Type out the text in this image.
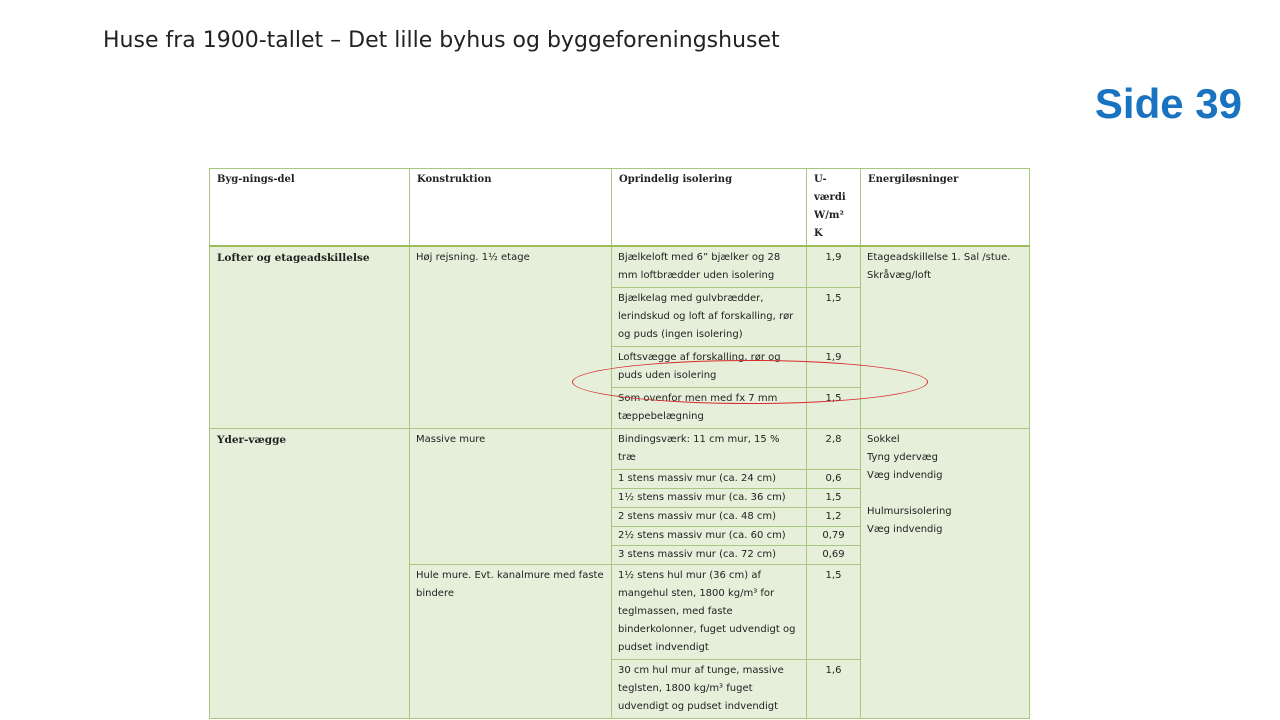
Huse fra 1900-tallet – Det lille byhus og byggeforeningshuset
Side 39
Byg-nings-del	Konstruktion	Oprindelig isolering	U-værdi W/m² K	Energiløsninger
Lofter og etageadskillelse	Høj rejsning. 1½ etage	Bjælkeloft med 6” bjælker og 28 mm loftbrædder uden isolering	1,9	Etageadskillelse 1. Sal /stue.
Skråvæg/loft

		Bjælkelag med gulvbrædder, lerindskud og loft af forskalling, rør og puds (ingen isolering)	1,5	
		Loftsvægge af forskalling, rør og puds uden isolering	1,9	
		Som ovenfor men med fx 7 mm tæppebelægning	1,5	
Yder-vægge	Massive mure	Bindingsværk: 11 cm mur, 15 % træ	2,8	Sokkel
Tyng ydervæg
Væg indvendig
Hulmursisolering
Væg indvendig

		1 stens massiv mur (ca. 24 cm)	0,6	
		1½ stens massiv mur (ca. 36 cm)	1,5	
		2 stens massiv mur (ca. 48 cm)	1,2	
		2½ stens massiv mur (ca. 60 cm)	0,79	
		3 stens massiv mur (ca. 72 cm)	0,69	
	Hule mure. Evt. kanalmure med faste bindere	1½ stens hul mur (36 cm) af mangehul sten, 1800 kg/m³ for teglmassen, med faste binderkolonner, fuget udvendigt og pudset indvendigt	1,5	
		30 cm hul mur af tunge, massive teglsten, 1800 kg/m³ fuget udvendigt og pudset indvendigt	1,6	
